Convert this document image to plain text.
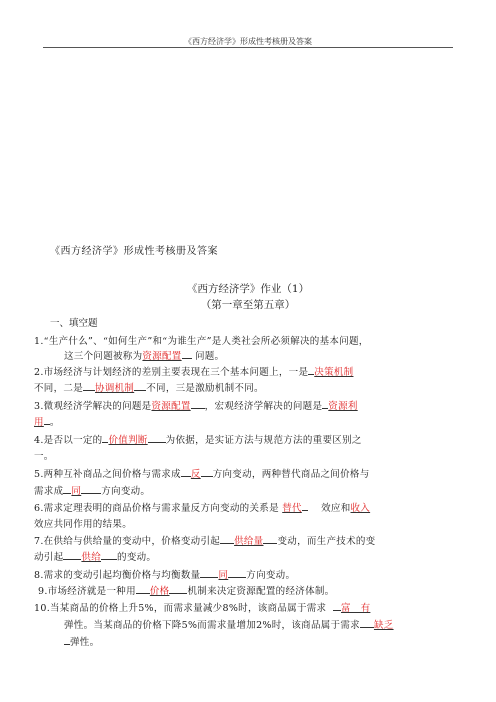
《西方经济学》形成性考核册及答案
《西方经济学》形成性考核册及答案
《西方经济学》作业（1）
（第一章至第五章）
一、填空题
1.“生产什么”、“如何生产”和“为谁生产”是人类社会所必须解决的基本问题，
这三个问题被称为资源配置 问题。
2.市场经济与计划经济的差别主要表现在三个基本问题上，一是 决策机制
不同，二是 协调机制 不同，三是激励机制不同。
3.微观经济学解决的问题是资源配置 ，宏观经济学解决的问题是 资源利
用 。
4.是否以一定的 价值判断 为依据，是实证方法与规范方法的重要区别之
一。
5.两种互补商品之间价格与需求成 反 方向变动，两种替代商品之间价格与
需求成 同 方向变动。
6.需求定理表明的商品价格与需求量反方向变动的关系是 替代 效应和收入
效应共同作用的结果。
7.在供给与供给量的变动中，价格变动引起 供给量 变动，而生产技术的变
动引起 供给 的变动。
8.需求的变动引起均衡价格与均衡数量 同 方向变动。
9.市场经济就是一种用 价格 机制来决定资源配置的经济体制。
10.当某商品的价格上升5%，而需求量减少8%时，该商品属于需求 富　有
弹性。当某商品的价格下降5%而需求量增加2%时，该商品属于需求 缺乏
弹性。
